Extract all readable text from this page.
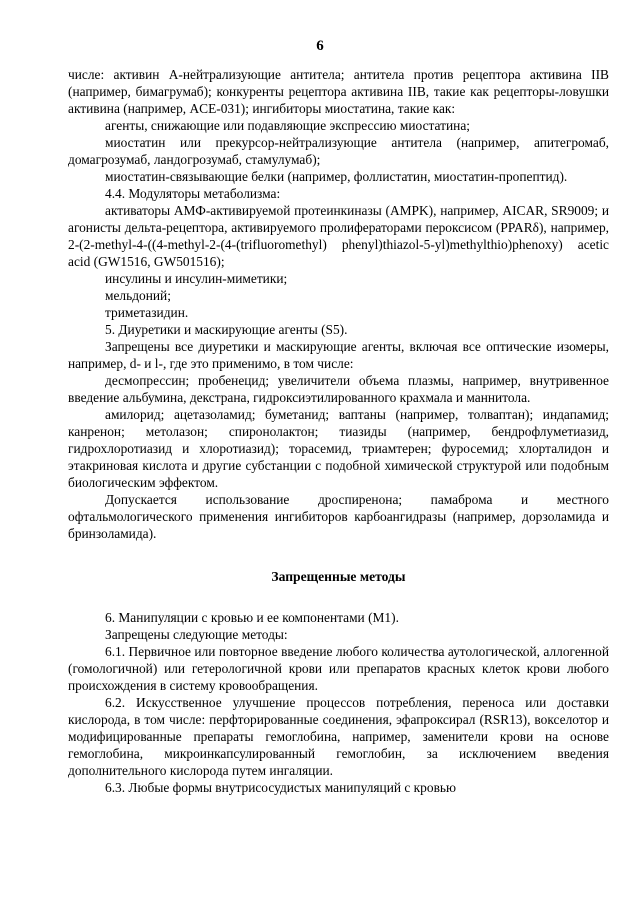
6

числе: активин А-нейтрализующие антитела; антитела против рецептора активина IIB (например, бимагрумаб); конкуренты рецептора активина IIB, такие как рецепторы-ловушки активина (например, ACE-031); ингибиторы миостатина, такие как:

агенты, снижающие или подавляющие экспрессию миостатина;

миостатин или прекурсор-нейтрализующие антитела (например, апитегромаб, домагрозумаб, ландогрозумаб, стамулумаб);

миостатин-связывающие белки (например, фоллистатин, миостатин-пропептид).

4.4. Модуляторы метаболизма:

активаторы АМФ-активируемой протеинкиназы (AMPK), например, AICAR, SR9009; и агонисты дельта-рецептора, активируемого пролифераторами пероксисом (PPARδ), например, 2-(2-methyl-4-((4-methyl-2-(4-(trifluoromethyl) phenyl)thiazol-5-yl)methylthio)phenoxy) acetic acid (GW1516, GW501516);

инсулины и инсулин-миметики;

мельдоний;

триметазидин.

5. Диуретики и маскирующие агенты (S5).

Запрещены все диуретики и маскирующие агенты, включая все оптические изомеры, например, d- и l-, где это применимо, в том числе:

десмопрессин; пробенецид; увеличители объема плазмы, например, внутривенное введение альбумина, декстрана, гидроксиэтилированного крахмала и маннитола.

амилорид; ацетазоламид; буметанид; ваптаны (например, толваптан); индапамид; канренон; метолазон; спиронолактон; тиазиды (например, бендрофлуметиазид, гидрохлоротиазид и хлоротиазид); торасемид, триамтерен; фуросемид; хлорталидон и этакриновая кислота и другие субстанции с подобной химической структурой или подобным биологическим эффектом.

Допускается использование дроспиренона; памаброма и местного офтальмологического применения ингибиторов карбоангидразы (например, дорзоламида и бринзоламида).

Запрещенные методы

6. Манипуляции с кровью и ее компонентами (M1).

Запрещены следующие методы:

6.1. Первичное или повторное введение любого количества аутологической, аллогенной (гомологичной) или гетерологичной крови или препаратов красных клеток крови любого происхождения в систему кровообращения.

6.2. Искусственное улучшение процессов потребления, переноса или доставки кислорода, в том числе: перфторированные соединения, эфапроксирал (RSR13), вокселотор и модифицированные препараты гемоглобина, например, заменители крови на основе гемоглобина, микроинкапсулированный гемоглобин, за исключением введения дополнительного кислорода путем ингаляции.

6.3. Любые формы внутрисосудистых манипуляций с кровью
